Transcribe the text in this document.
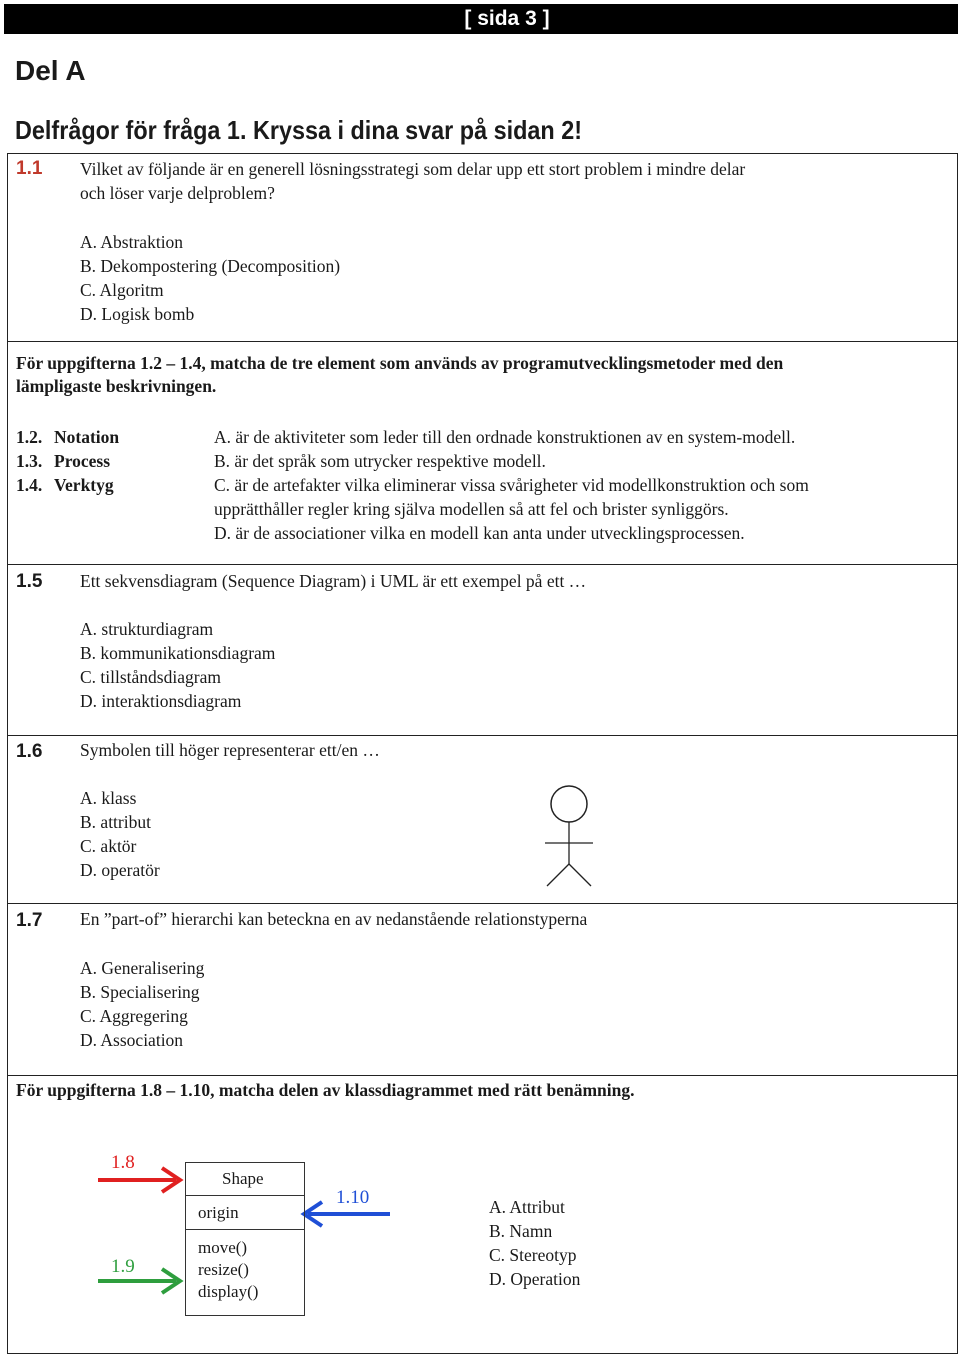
[ sida 3 ]
Del A
Delfrågor för fråga 1. Kryssa i dina svar på sidan 2!
1.1 Vilket av följande är en generell lösningsstrategi som delar upp ett stort problem i mindre delar
och löser varje delproblem?
A. Abstraktion
B. Dekompostering (Decomposition)
C. Algoritm
D. Logisk bomb
För uppgifterna 1.2 – 1.4, matcha de tre element som används av programutvecklingsmetoder med den
lämpligaste beskrivningen.
1.2. Notation
1.3. Process
1.4. Verktyg
A. är de aktiviteter som leder till den ordnade konstruktionen av en system-modell.
B. är det språk som utrycker respektive modell.
C. är de artefakter vilka eliminerar vissa svårigheter vid modellkonstruktion och som
upprätthåller regler kring själva modellen så att fel och brister synliggörs.
D. är de associationer vilka en modell kan anta under utvecklingsprocessen.
1.5 Ett sekvensdiagram (Sequence Diagram) i UML är ett exempel på ett …
A. strukturdiagram
B. kommunikationsdiagram
C. tillståndsdiagram
D. interaktionsdiagram
1.6 Symbolen till höger representerar ett/en …
A. klass
B. attribut
C. aktör
D. operatör
1.7 En ”part-of” hierarchi kan beteckna en av nedanstående relationstyperna
A. Generalisering
B. Specialisering
C. Aggregering
D. Association
För uppgifterna 1.8 – 1.10, matcha delen av klassdiagrammet med rätt benämning.
1.8
1.9
1.10
Shape
origin
move()
resize()
display()
A. Attribut
B. Namn
C. Stereotyp
D. Operation
